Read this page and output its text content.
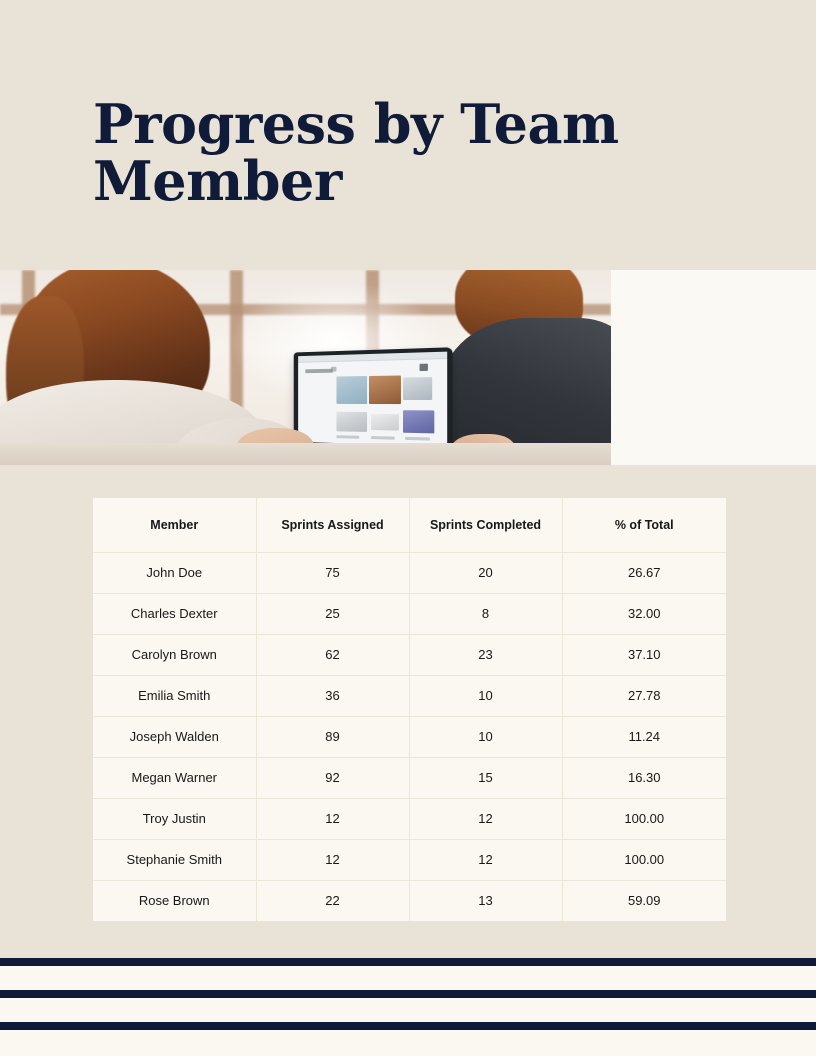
Progress by Team Member
Member	Sprints Assigned	Sprints Completed	% of Total
John Doe	75	20	26.67
Charles Dexter	25	8	32.00
Carolyn Brown	62	23	37.10
Emilia Smith	36	10	27.78
Joseph Walden	89	10	11.24
Megan Warner	92	15	16.30
Troy Justin	12	12	100.00
Stephanie Smith	12	12	100.00
Rose Brown	22	13	59.09
